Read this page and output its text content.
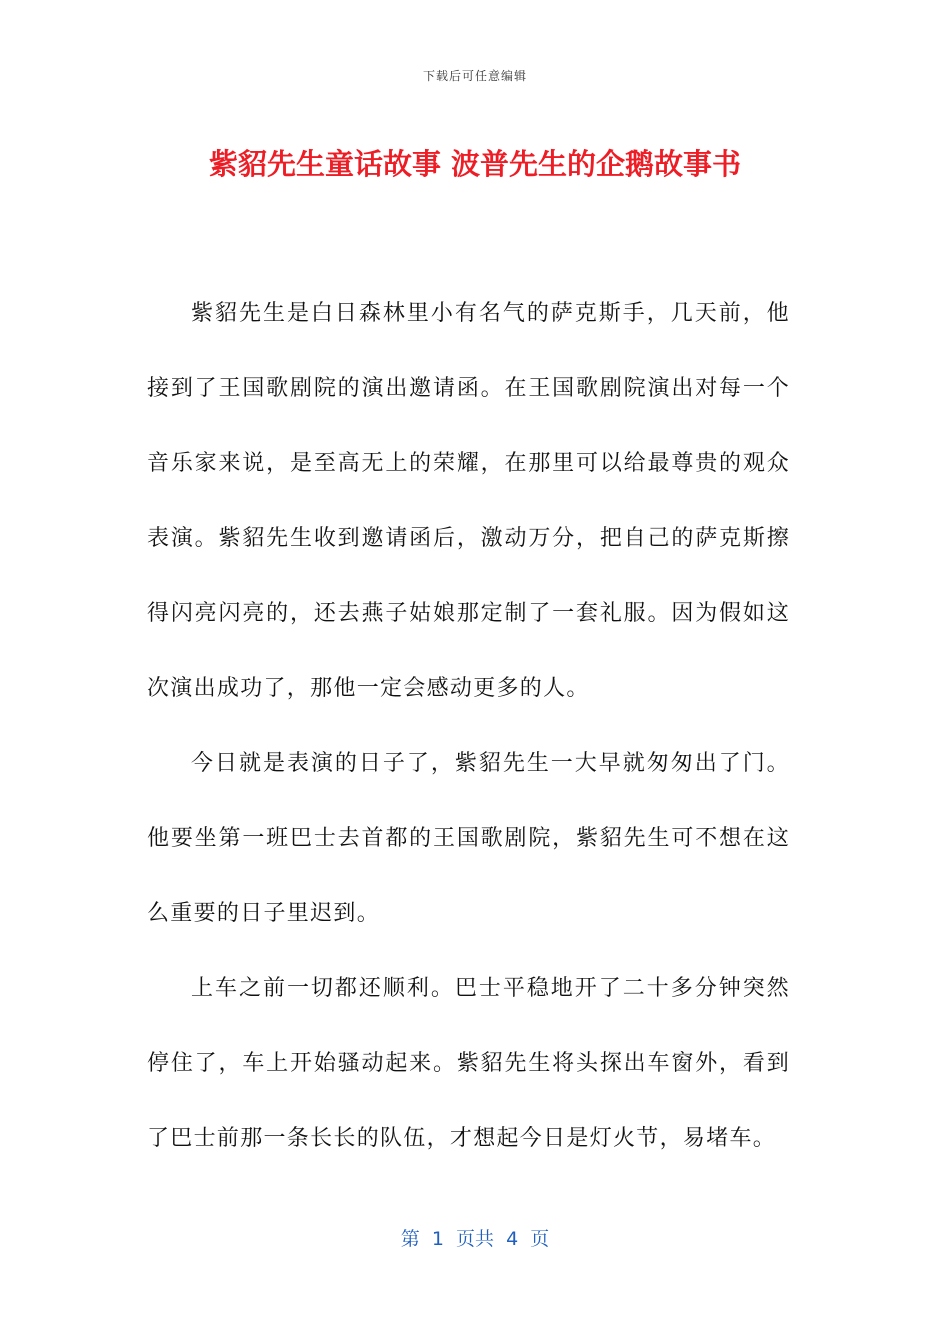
下载后可任意编辑
紫貂先生童话故事 波普先生的企鹅故事书

紫貂先生是白日森林里小有名气的萨克斯手，几天前，他接到了王国歌剧院的演出邀请函。在王国歌剧院演出对每一个音乐家来说，是至高无上的荣耀，在那里可以给最尊贵的观众表演。紫貂先生收到邀请函后，激动万分，把自己的萨克斯擦得闪亮闪亮的，还去燕子姑娘那定制了一套礼服。因为假如这次演出成功了，那他一定会感动更多的人。

今日就是表演的日子了，紫貂先生一大早就匆匆出了门。他要坐第一班巴士去首都的王国歌剧院，紫貂先生可不想在这么重要的日子里迟到。

上车之前一切都还顺利。巴士平稳地开了二十多分钟突然停住了，车上开始骚动起来。紫貂先生将头探出车窗外，看到了巴士前那一条长长的队伍，才想起今日是灯火节，易堵车。

第  1  页共  4  页
